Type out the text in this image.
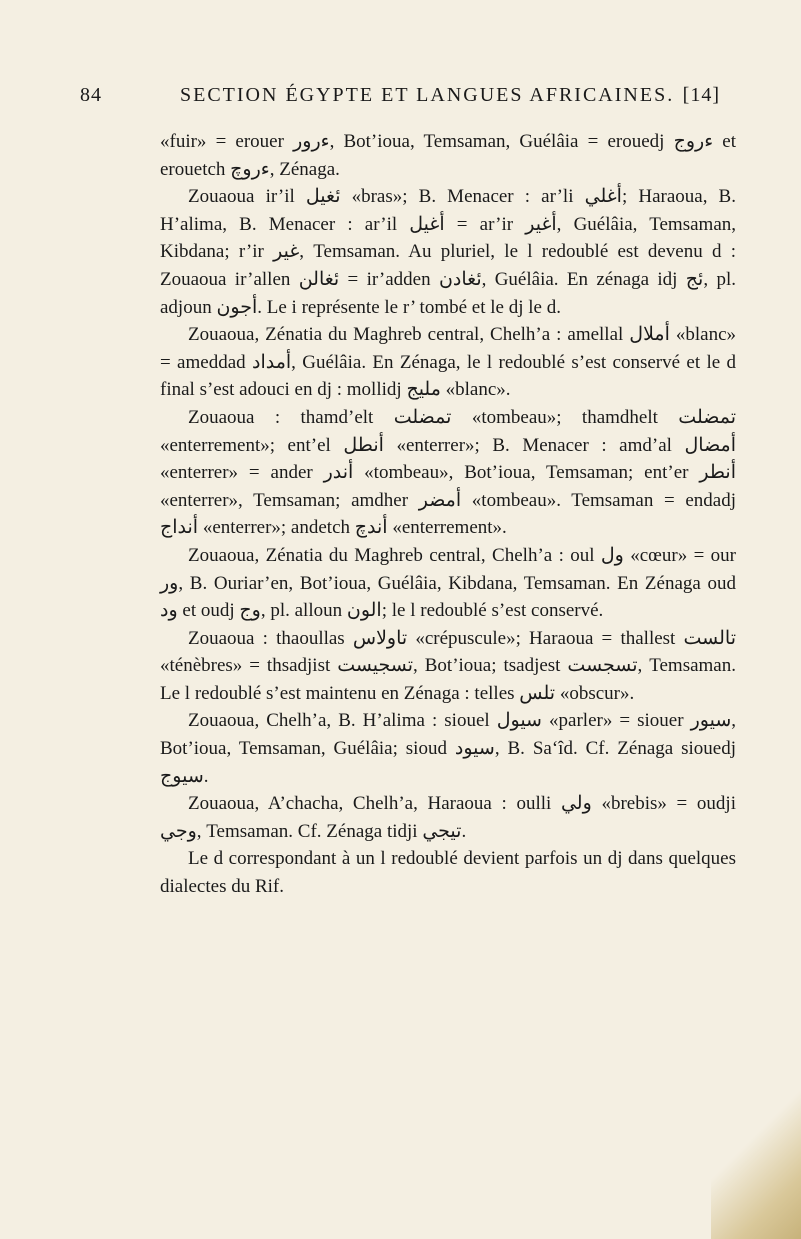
84	SECTION ÉGYPTE ET LANGUES AFRICAINES. [14]

«fuir» = erouer ءرور, Bot’ioua, Temsaman, Guélâia = erouedj ءروج et erouetch ءروچ, Zénaga.

Zouaoua ir’il ئغيل «bras»; B. Menacer : ar’li أغلي; Haraoua, B. H’alima, B. Menacer : ar’il أغيل = ar’ir أغير, Guélâia, Temsaman, Kibdana; r’ir غير, Temsaman. Au pluriel, le l redoublé est devenu d : Zouaoua ir’allen ئغالن = ir’adden ئغادن, Guélâia. En zénaga idj ئج, pl. adjoun أجون. Le i représente le r’ tombé et le dj le d.

Zouaoua, Zénatia du Maghreb central, Chelh’a : amellal أملال «blanc» = ameddad أمداد, Guélâia. En Zénaga, le l redoublé s’est conservé et le d final s’est adouci en dj : mollidj مليج «blanc».

Zouaoua : thamd’elt تمضلت «tombeau»; thamdhelt تمضلت «enterrement»; ent’el أنطل «enterrer»; B. Menacer : amd’al أمضال «enterrer» = ander أندر «tombeau», Bot’ioua, Temsaman; ent’er أنطر «enterrer», Temsaman; amdher أمضر «tombeau». Temsaman = endadj أنداج «enterrer»; andetch أندچ «enterrement».

Zouaoua, Zénatia du Maghreb central, Chelh’a : oul ول «cœur» = our ور, B. Ouriar’en, Bot’ioua, Guélâia, Kibdana, Temsaman. En Zénaga oud ود et oudj وج, pl. alloun الون; le l redoublé s’est conservé.

Zouaoua : thaoullas تاولاس «crépuscule»; Haraoua = thallest تالست «ténèbres» = thsadjist تسجيست, Bot’ioua; tsadjest تسجست, Temsaman. Le l redoublé s’est maintenu en Zénaga : telles تلس «obscur».

Zouaoua, Chelh’a, B. H’alima : siouel سيول «parler» = siouer سيور, Bot’ioua, Temsaman, Guélâia; sioud سيود, B. Sa‘îd. Cf. Zénaga siouedj سيوج.

Zouaoua, A’chacha, Chelh’a, Haraoua : oulli ولي «brebis» = oudji وجي, Temsaman. Cf. Zénaga tidji تيجي.

Le d correspondant à un l redoublé devient parfois un dj dans quelques dialectes du Rif.
